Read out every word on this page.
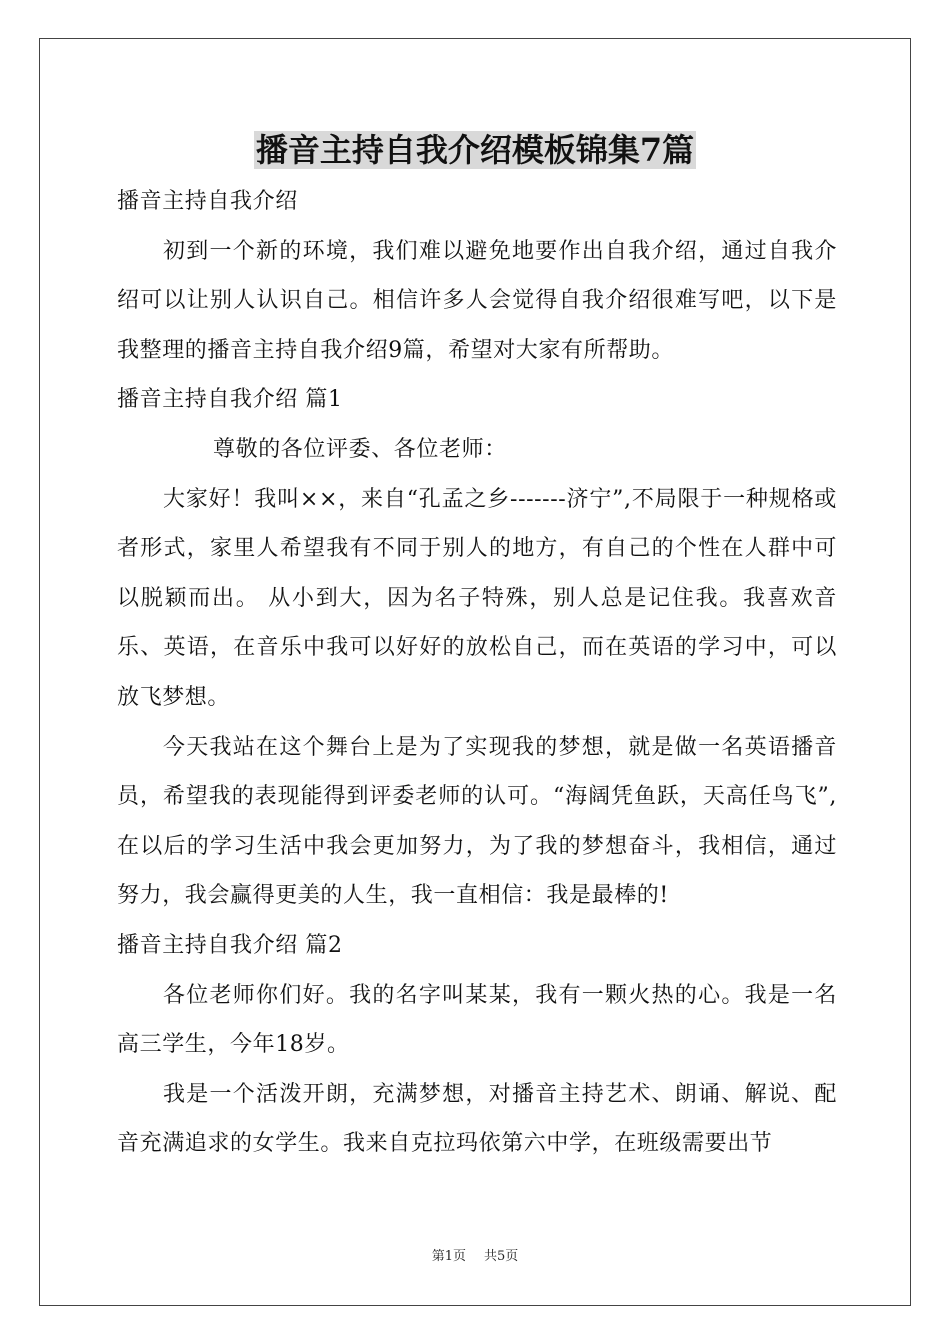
播音主持自我介绍模板锦集7篇

播音主持自我介绍

初到一个新的环境，我们难以避免地要作出自我介绍，通过自我介绍可以让别人认识自己。相信许多人会觉得自我介绍很难写吧，以下是我整理的播音主持自我介绍9篇，希望对大家有所帮助。

播音主持自我介绍 篇1

尊敬的各位评委、各位老师：

大家好！我叫××，来自“孔孟之乡-------济宁”,不局限于一种规格或者形式，家里人希望我有不同于别人的地方，有自己的个性在人群中可以脱颖而出。 从小到大，因为名子特殊，别人总是记住我。我喜欢音乐、英语，在音乐中我可以好好的放松自己，而在英语的学习中，可以放飞梦想。

今天我站在这个舞台上是为了实现我的梦想，就是做一名英语播音员，希望我的表现能得到评委老师的认可。“海阔凭鱼跃，天高任鸟飞”,在以后的学习生活中我会更加努力，为了我的梦想奋斗，我相信，通过努力，我会赢得更美的人生，我一直相信：我是最棒的!

播音主持自我介绍 篇2

各位老师你们好。我的名字叫某某，我有一颗火热的心。我是一名高三学生，今年18岁。

我是一个活泼开朗，充满梦想，对播音主持艺术、朗诵、解说、配音充满追求的女学生。我来自克拉玛依第六中学，在班级需要出节

第1页 共5页
